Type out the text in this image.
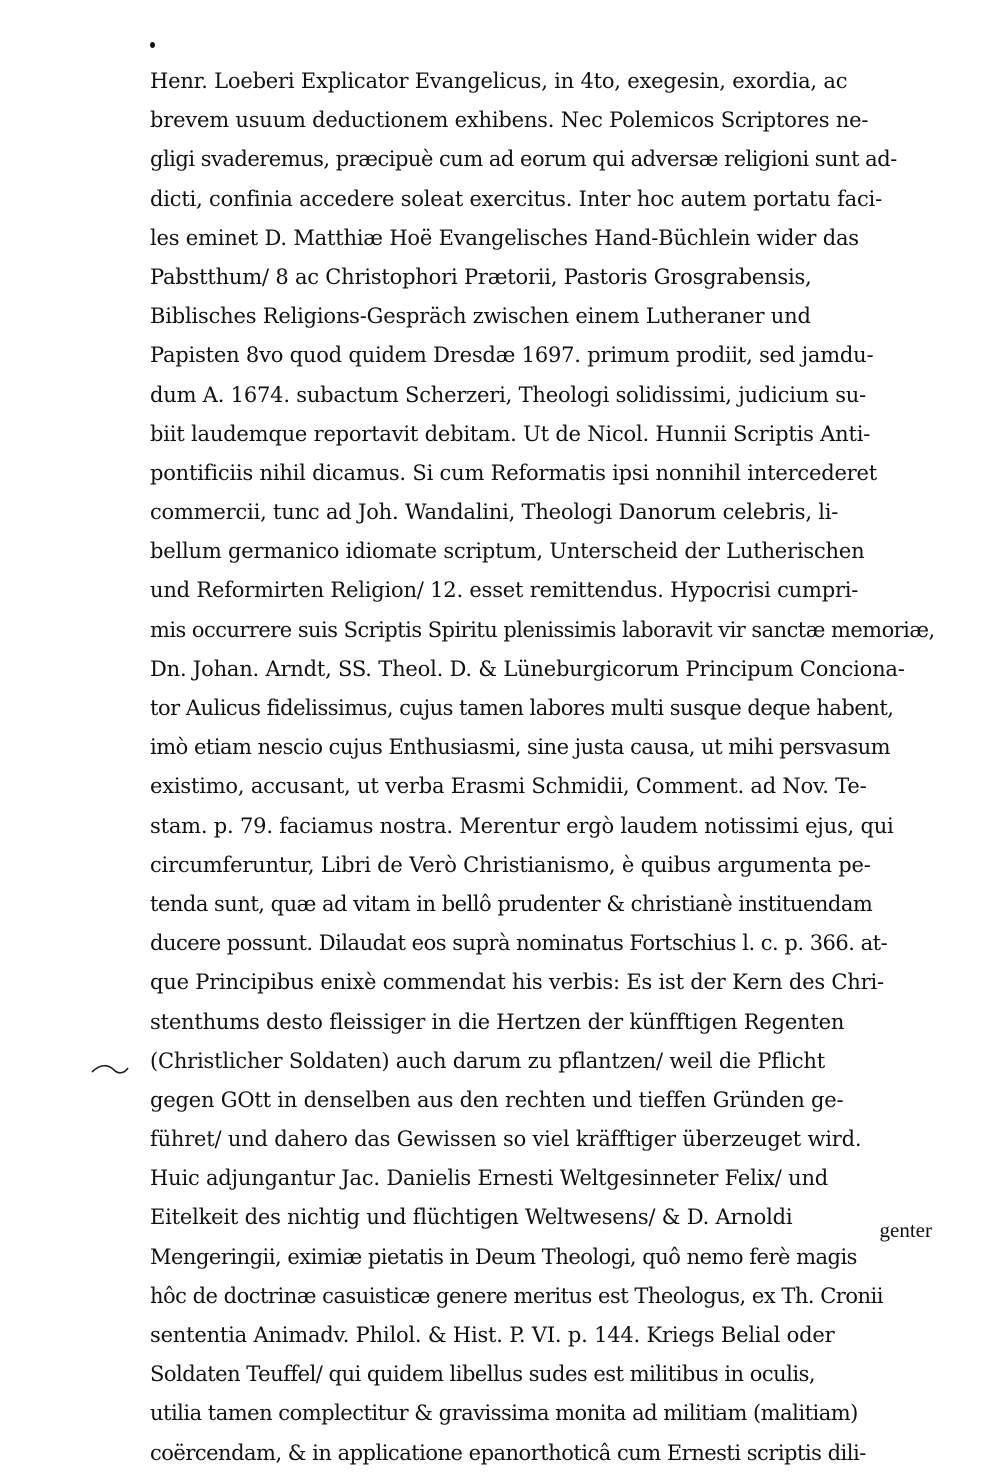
Henr. Loeberi Explicator Evangelicus, in 4to, exegesin, exordia, ac
brevem usuum deductionem exhibens. Nec Polemicos Scriptores ne-
gligi svaderemus, præcipuè cum ad eorum qui adversæ religioni sunt ad-
dicti, confinia accedere soleat exercitus. Inter hoc autem portatu faci-
les eminet D. Matthiæ Hoë Evangelisches Hand-Büchlein wider das
Pabstthum/ 8 ac Christophori Prætorii, Pastoris Grosgrabensis,
Biblisches Religions-Gespräch zwischen einem Lutheraner und
Papisten 8vo quod quidem Dresdæ 1697. primum prodiit, sed jamdu-
dum A. 1674. subactum Scherzeri, Theologi solidissimi, judicium su-
biit laudemque reportavit debitam. Ut de Nicol. Hunnii Scriptis Anti-
pontificiis nihil dicamus. Si cum Reformatis ipsi nonnihil intercederet
commercii, tunc ad Joh. Wandalini, Theologi Danorum celebris, li-
bellum germanico idiomate scriptum, Unterscheid der Lutherischen
und Reformirten Religion/ 12. esset remittendus. Hypocrisi cumpri-
mis occurrere suis Scriptis Spiritu plenissimis laboravit vir sanctæ memoriæ,
Dn. Johan. Arndt, SS. Theol. D. & Lüneburgicorum Principum Concionа-
tor Aulicus fidelissimus, cujus tamen labores multi susque deque habent,
imò etiam nescio cujus Enthusiasmi, sine justa causa, ut mihi persvasum
existimo, accusant, ut verba Erasmi Schmidii, Comment. ad Nov. Te-
stam. p. 79. faciamus nostra. Merentur ergò laudem notissimi ejus, qui
circumferuntur, Libri de Verò Christianismo, è quibus argumenta pe-
tenda sunt, quæ ad vitam in bellô prudenter & christianè instituendam
ducere possunt. Dilaudat eos suprà nominatus Fortschius l. c. p. 366. at-
que Principibus enixè commendat his verbis: Es ist der Kern des Chri-
stenthums desto fleissiger in die Hertzen der künfftigen Regenten
(Christlicher Soldaten) auch darum zu pflantzen/ weil die Pflicht
gegen GOtt in denselben aus den rechten und tieffen Gründen ge-
führet/ und dahero das Gewissen so viel kräfftiger überzeuget wird.
Huic adjungantur Jac. Danielis Ernesti Weltgesinneter Felix/ und
Eitelkeit des nichtig und flüchtigen Weltwesens/ & D. Arnoldi
Mengeringii, eximiæ pietatis in Deum Theologi, quô nemo ferè magis
hôc de doctrinæ casuisticæ genere meritus est Theologus, ex Th. Cronii
sententia Animadv. Philol. & Hist. P. VI. p. 144. Kriegs Belial oder
Soldaten Teuffel/ qui quidem libellus sudes est militibus in oculis,
utilia tamen complectitur & gravissima monita ad militiam (malitiam)
coërcendam, & in applicatione epanorthoticâ cum Ernesti scriptis dili-
genter
